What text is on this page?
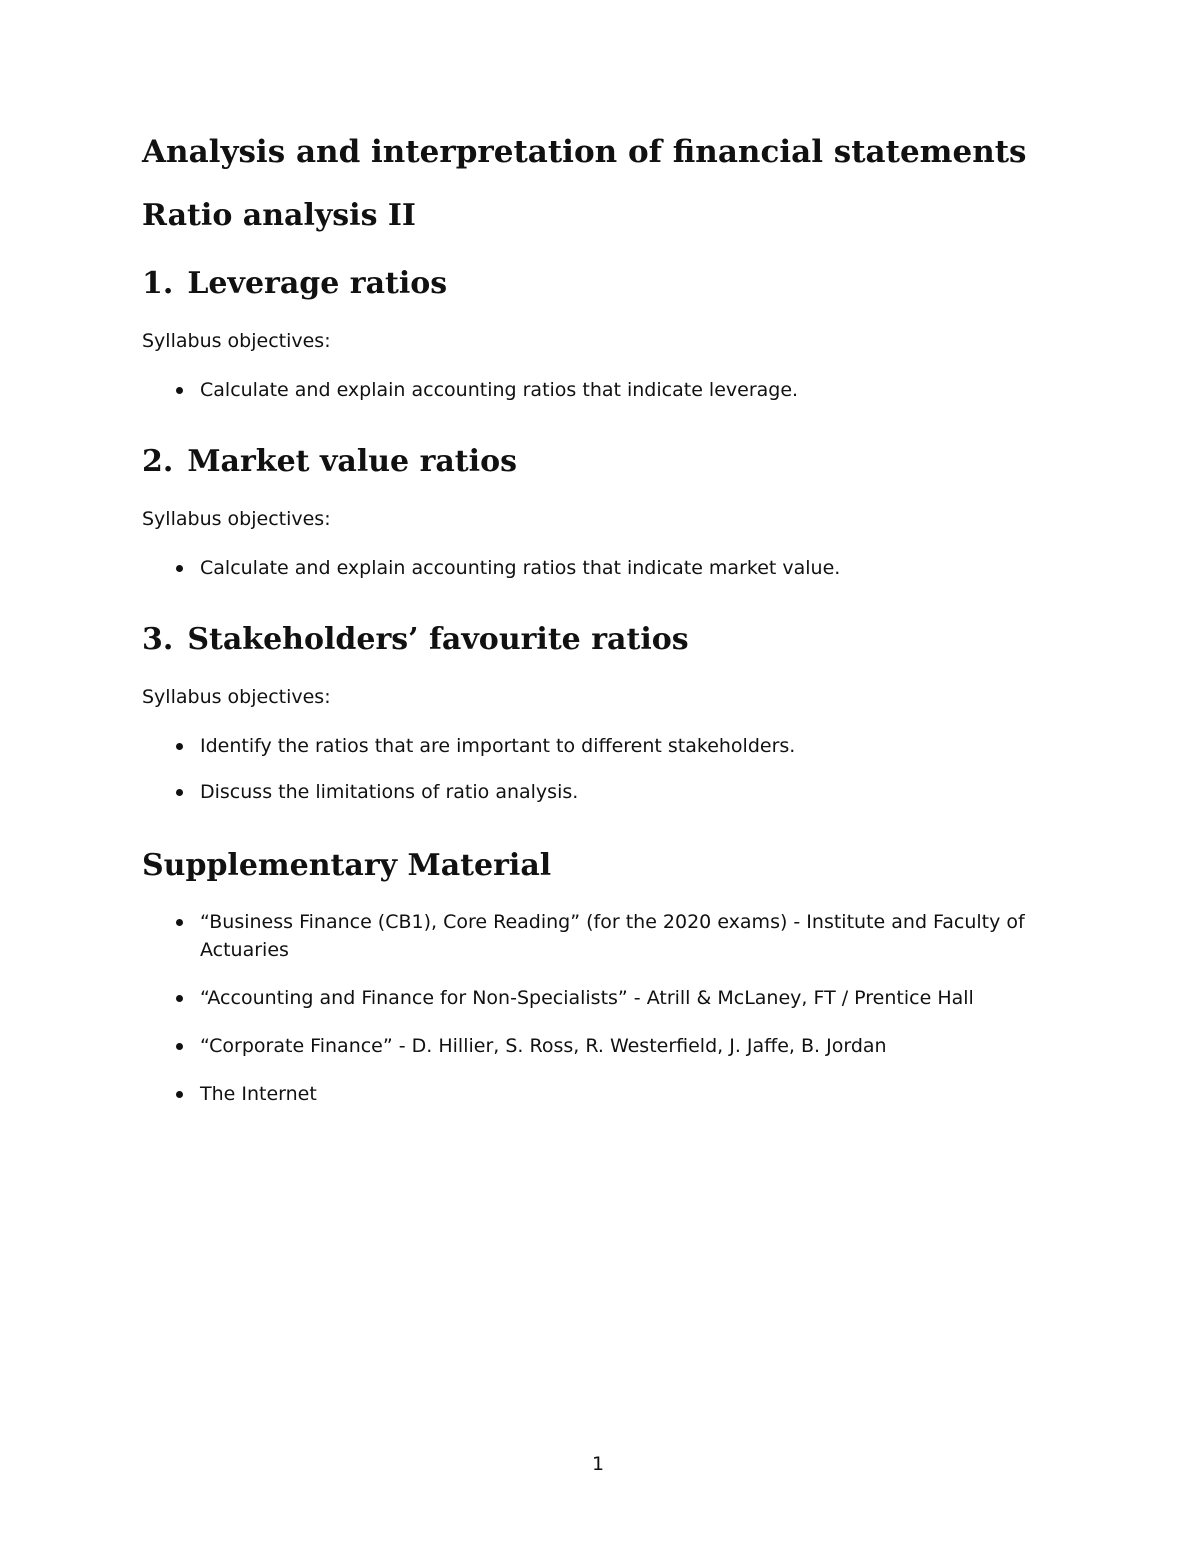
Analysis and interpretation of financial statements
Ratio analysis II
1. Leverage ratios

Syllabus objectives:

Calculate and explain accounting ratios that indicate leverage.
2. Market value ratios

Syllabus objectives:

Calculate and explain accounting ratios that indicate market value.
3. Stakeholders’ favourite ratios

Syllabus objectives:

Identify the ratios that are important to different stakeholders.
Discuss the limitations of ratio analysis.
Supplementary Material
“Business Finance (CB1), Core Reading” (for the 2020 exams) - Institute and Faculty of Actuaries
“Accounting and Finance for Non-Specialists” - Atrill & McLaney, FT / Prentice Hall
“Corporate Finance” - D. Hillier, S. Ross, R. Westerfield, J. Jaffe, B. Jordan
The Internet

1
